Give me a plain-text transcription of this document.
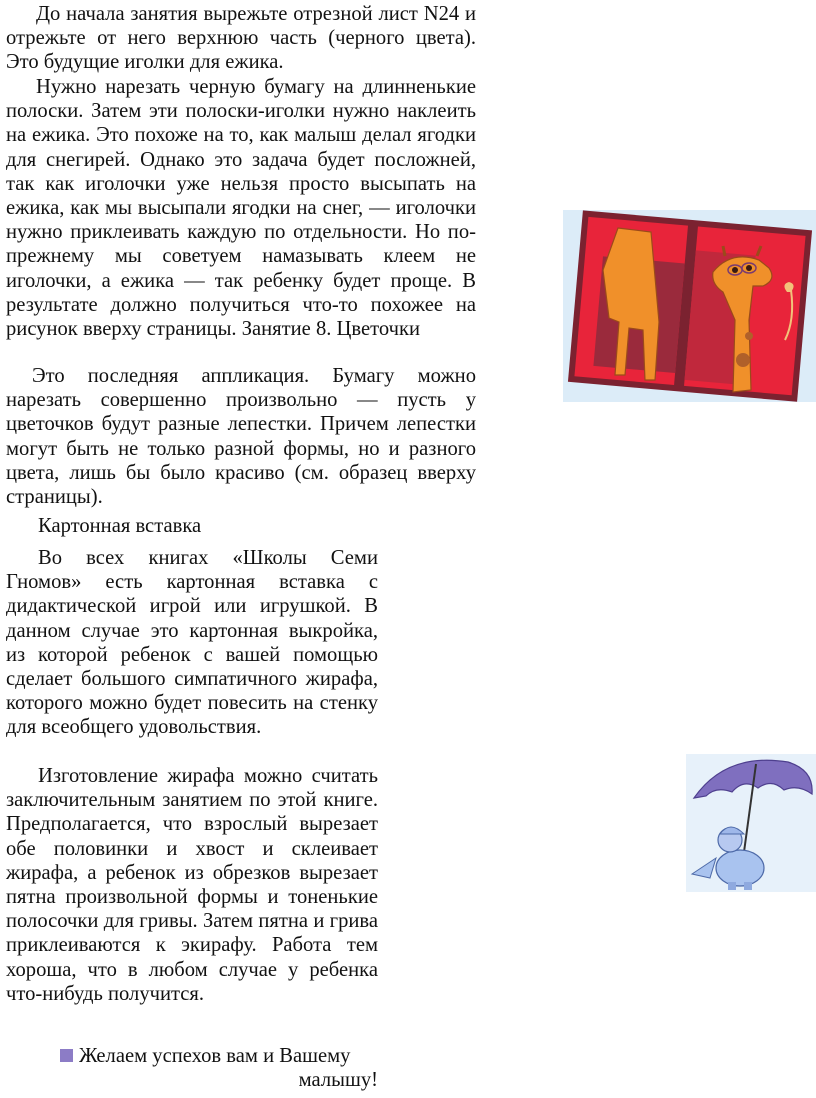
До начала занятия вырежьте отрезной лист N24 и отрежьте от него верхнюю часть (черного цвета). Это будущие иголки для ежика.

Нужно нарезать черную бумагу на длинненькие полоски. Затем эти полоски-иголки нужно наклеить на ежика. Это похоже на то, как малыш делал ягодки для снегирей. Однако это задача будет посложней, так как иголочки уже нельзя просто высыпать на ежика, как мы высыпали ягодки на снег, — иголочки нужно приклеивать каждую по отдельности. Но по-прежнему мы советуем намазывать клеем не иголочки, а ежика — так ребенку будет проще. В результате должно получиться что-то похожее на рисунок вверху страницы. Занятие 8. Цветочки

Это последняя аппликация. Бумагу можно нарезать совершенно произвольно — пусть у цветочков будут разные лепестки. Причем лепестки могут быть не только разной формы, но и разного цвета, лишь бы было красиво (см. образец вверху страницы).

Картонная вставка

Во всех книгах «Школы Семи Гномов» есть картонная вставка с дидактической игрой или игрушкой. В данном случае это картонная выкройка, из которой ребенок с вашей помощью сделает большого симпатичного жирафа, которого можно будет повесить на стенку для всеобщего удовольствия.

Изготовление жирафа можно считать заключительным занятием по этой книге. Предполагается, что взрослый вырезает обе половинки и хвост и склеивает жирафа, а ребенок из обрезков вырезает пятна произвольной формы и тоненькие полосочки для гривы. Затем пятна и грива приклеиваются к экирафу. Работа тем хороша, что в любом случае у ребенка что-нибудь получится.

Желаем успехов вам и Вашему
малышу!
